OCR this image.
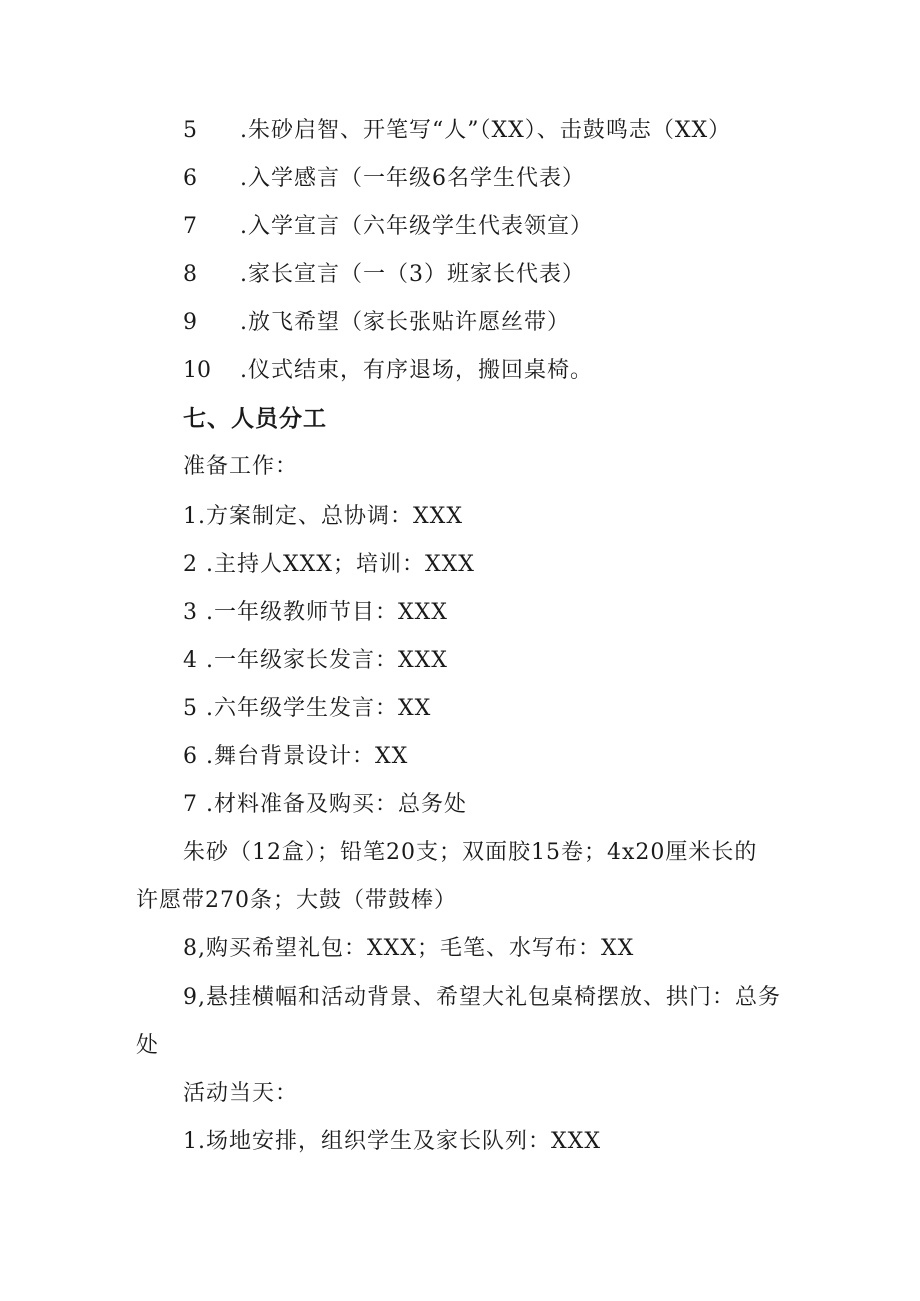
5 .朱砂启智、开笔写“人”（XX）、击鼓鸣志（XX）
6 .入学感言（一年级6名学生代表）
7 .入学宣言（六年级学生代表领宣）
8 .家长宣言（一（3）班家长代表）
9 .放飞希望（家长张贴许愿丝带）
10 .仪式结束，有序退场，搬回桌椅。
七、人员分工
准备工作：
1.方案制定、总协调：XXX
2 .主持人XXX；培训：XXX
3 .一年级教师节目：XXX
4 .一年级家长发言：XXX
5 .六年级学生发言：XX
6 .舞台背景设计：XX
7 .材料准备及购买：总务处
朱砂（12盒）；铅笔20支；双面胶15卷；4x20厘米长的
许愿带270条；大鼓（带鼓棒）
8,购买希望礼包：XXX；毛笔、水写布：XX
9,悬挂横幅和活动背景、希望大礼包桌椅摆放、拱门：总务
处
活动当天：
1.场地安排，组织学生及家长队列：XXX
